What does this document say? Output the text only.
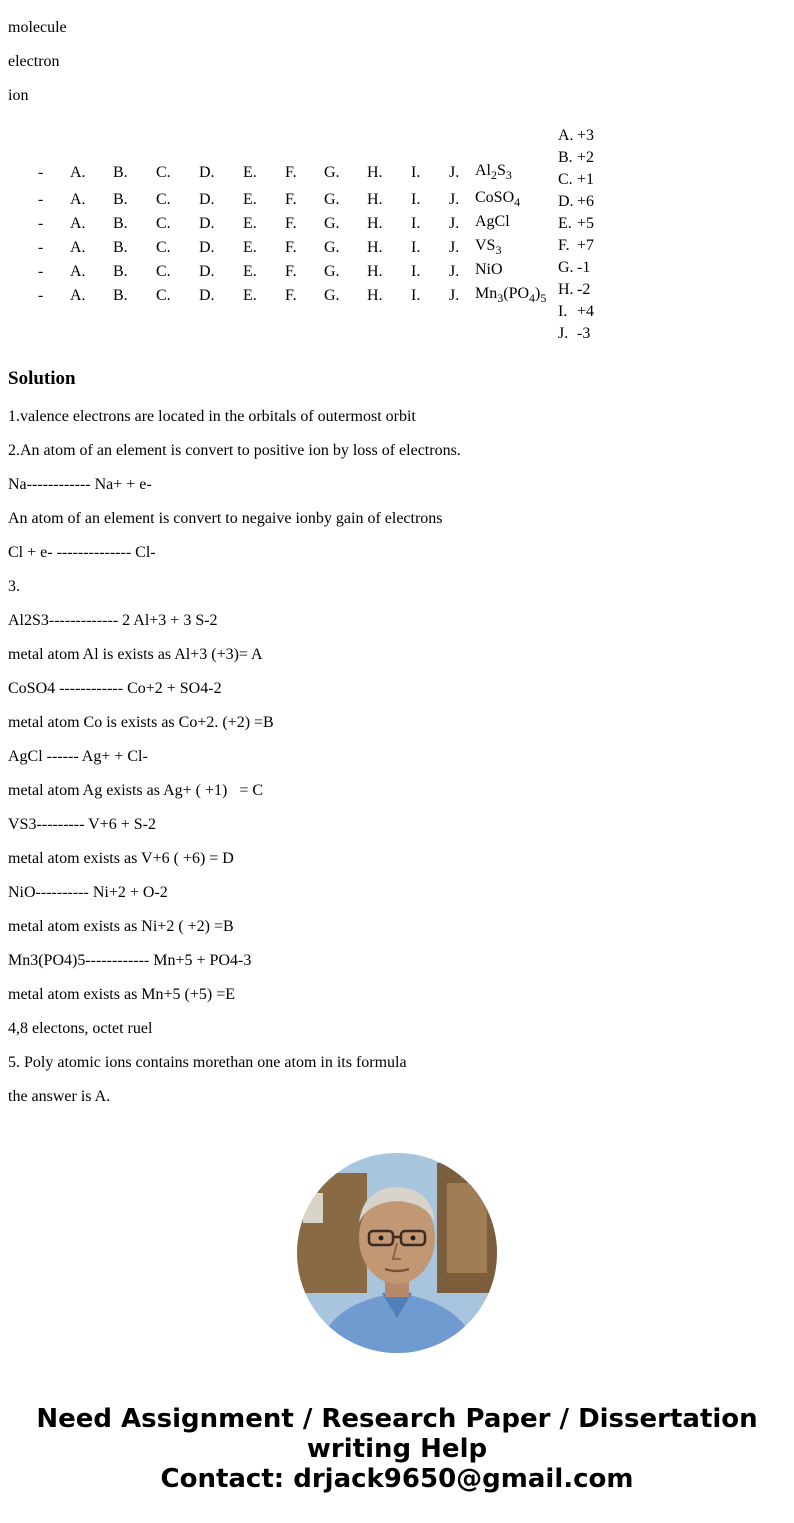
molecule
electron
ion
- A. B. C. D. E. F. G. H. I. J. $Al_2S_3$
- A. B. C. D. E. F. G. H. I. J. CoSO$_4$
- A. B. C. D. E. F. G. H. I. J. AgCl
- A. B. C. D. E. F. G. H. I. J. $VS_3$
- A. B. C. D. E. F. G. H. I. J. NiO
- A. B. C. D. E. F. G. H. I. J. $Mn_3(PO_4)_5$
A. +3
B. +2
C. +1
D. +6
E. +5
F. +7
G. -1
H. -2
I. +4
J. -3
Solution
1.valence electrons are located in the orbitals of outermost orbit
2.An atom of an element is convert to positive ion by loss of electrons.
Na------------ Na+ + e-
An atom of an element is convert to negaive ionby gain of electrons
Cl + e- -------------- Cl-
3.
Al2S3------------- 2 Al+3 + 3 S-2
metal atom Al is exists as Al+3 (+3)= A
CoSO4 ------------ Co+2 + SO4-2
metal atom Co is exists as Co+2. (+2) =B
AgCl ------ Ag+ + Cl-
metal atom Ag exists as Ag+ ( +1)   = C
VS3--------- V+6 + S-2
metal atom exists as V+6 ( +6) = D
NiO---------- Ni+2 + O-2
metal atom exists as Ni+2 ( +2) =B
Mn3(PO4)5------------ Mn+5 + PO4-3
metal atom exists as Mn+5 (+5) =E
4,8 electons, octet ruel
5. Poly atomic ions contains morethan one atom in its formula
the answer is A.
Need Assignment / Research Paper / Dissertation
writing Help
Contact: drjack9650@gmail.com
